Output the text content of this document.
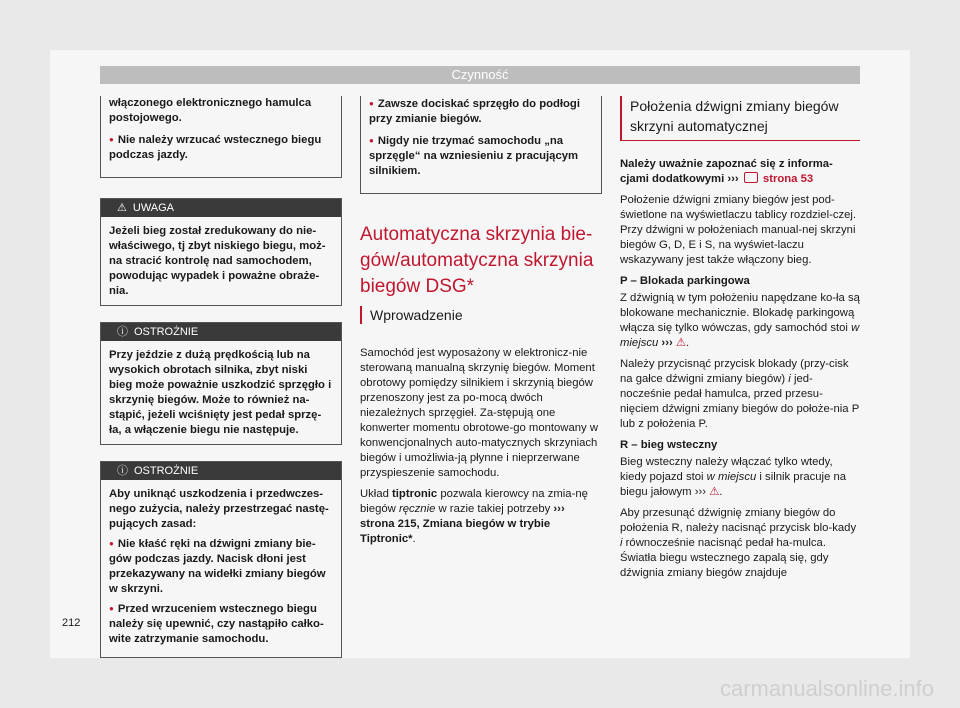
Czynność

włączonego elektronicznego hamulca postojowego.

● Nie należy wrzucać wstecznego biegu podczas jazdy.

⚠ UWAGA
Jeżeli bieg został zredukowany do nie-właściwego, tj zbyt niskiego biegu, moż-na stracić kontrolę nad samochodem, powodując wypadek i poważne obraże-nia.
ⓘ OSTROŻNIE
Przy jeździe z dużą prędkością lub na wysokich obrotach silnika, zbyt niski bieg może poważnie uszkodzić sprzęgło i skrzynię biegów. Może to również na-stąpić, jeżeli wciśnięty jest pedał sprzę-ła, a włączenie biegu nie następuje.
ⓘ OSTROŻNIE

Aby uniknąć uszkodzenia i przedwczes-nego zużycia, należy przestrzegać nastę-pujących zasad:

● Nie kłaść ręki na dźwigni zmiany bie-gów podczas jazdy. Nacisk dłoni jest przekazywany na widełki zmiany biegów w skrzyni.

● Przed wrzuceniem wstecznego biegu należy się upewnić, czy nastąpiło całko-wite zatrzymanie samochodu.

● Zawsze dociskać sprzęgło do podłogi przy zmianie biegów.

● Nigdy nie trzymać samochodu „na sprzęgle“ na wzniesieniu z pracującym silnikiem.

Automatyczna skrzynia bie-gów/automatyczna skrzynia biegów DSG*
Wprowadzenie

Samochód jest wyposażony w elektronicz-nie sterowaną manualną skrzynię biegów. Moment obrotowy pomiędzy silnikiem i skrzynią biegów przenoszony jest za po-mocą dwóch niezależnych sprzęgieł. Za-stępują one konwerter momentu obrotowe-go montowany w konwencjonalnych auto-matycznych skrzyniach biegów i umożliwia-ją płynne i nieprzerwane przyspieszenie samochodu.

Układ tiptronic pozwala kierowcy na zmia-nę biegów ręcznie w razie takiej potrzeby ››› strona 215, Zmiana biegów w trybie Tiptronic*.

Położenia dźwigni zmiany biegów skrzyni automatycznej

Należy uważnie zapoznać się z informa-cjami dodatkowymi ››› strona 53

Położenie dźwigni zmiany biegów jest pod-świetlone na wyświetlaczu tablicy rozdziel-czej. Przy dźwigni w położeniach manual-nej skrzyni biegów G, D, E i S, na wyświet-laczu wskazywany jest także włączony bieg.

P – Blokada parkingowa

Z dźwignią w tym położeniu napędzane ko-ła są blokowane mechanicznie. Blokadę parkingową włącza się tylko wówczas, gdy samochód stoi w miejscu ››› ⚠.

Należy przycisnąć przycisk blokady (przy-cisk na gałce dźwigni zmiany biegów) i jed-nocześnie pedał hamulca, przed przesu-nięciem dźwigni zmiany biegów do położe-nia P lub z położenia P.

R – bieg wsteczny

Bieg wsteczny należy włączać tylko wtedy, kiedy pojazd stoi w miejscu i silnik pracuje na biegu jałowym ››› ⚠.

Aby przesunąć dźwignię zmiany biegów do położenia R, należy nacisnąć przycisk blo-kady i równocześnie nacisnąć pedał ha-mulca. Światła biegu wstecznego zapalą się, gdy dźwignia zmiany biegów znajduje

212
carmanualsonline.info
